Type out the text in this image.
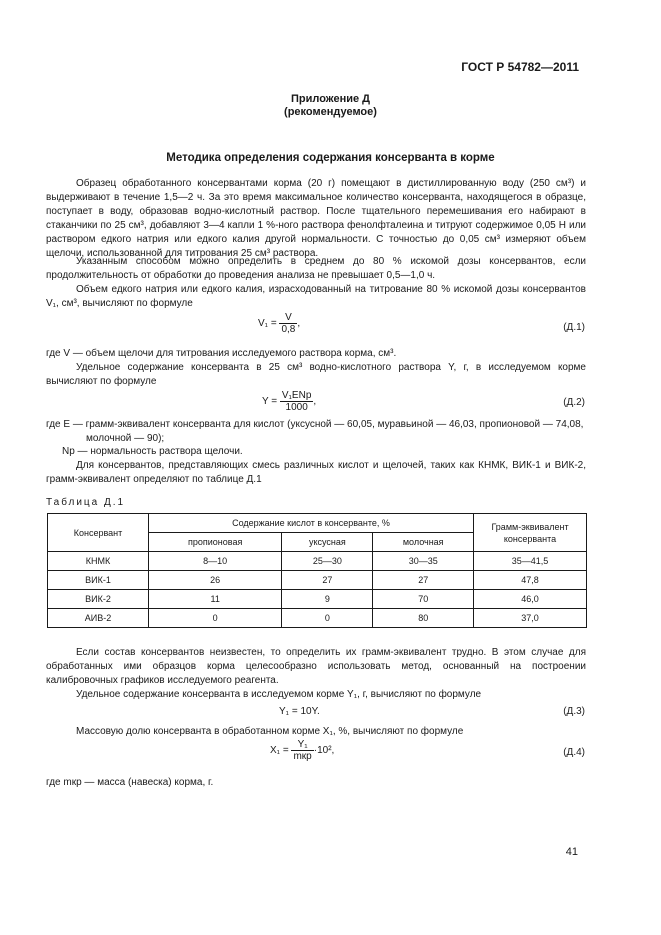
ГОСТ Р 54782—2011
Приложение Д
(рекомендуемое)
Методика определения содержания консерванта в корме
Образец обработанного консервантами корма (20 г) помещают в дистиллированную воду (250 см³) и выдерживают в течение 1,5—2 ч. За это время максимальное количество консерванта, находящегося в образце, поступает в воду, образовав водно-кислотный раствор. После тщательного перемешивания его набирают в стаканчики по 25 см³, добавляют 3—4 капли 1 %-ного раствора фенолфталеина и титруют содержимое 0,05 Н или раствором едкого натрия или едкого калия другой нормальности. С точностью до 0,05 см³ измеряют объем щелочи, использованной для титрования 25 см³ раствора.
Указанным способом можно определить в среднем до 80 % искомой дозы консервантов, если продолжительность от обработки до проведения анализа не превышает 0,5—1,0 ч.
Объем едкого натрия или едкого калия, израсходованный на титрование 80 % искомой дозы консервантов V₁, см³, вычисляют по формуле
$V_1 = \frac{V}{0,8}$ ,	(Д.1)
где V — объем щелочи для титрования исследуемого раствора корма, см³.
Удельное содержание консерванта в 25 см³ водно-кислотного раствора Y, г, в исследуемом корме вычисляют по формуле
$Y = \frac{\text{V₁ENр}}{1000}$ ,	(Д.2)
где E — грамм-эквивалент консерванта для кислот (уксусной — 60,05, муравьиной — 46,03, пропионовой — 74,08,
молочной — 90);
Nр — нормальность раствора щелочи.
Для консервантов, представляющих смесь различных кислот и щелочей, таких как КНМК, ВИК-1 и ВИК-2, грамм-эквивалент определяют по таблице Д.1
Таблица Д.1
Консервант	Содержание кислот в консерванте, %			Грамм-эквивалент консерванта
	пропионовая	уксусная	молочная	
КНМК	8—10	25—30	30—35	35—41,5
ВИК-1	26	27	27	47,8
ВИК-2	11	9	70	46,0
АИВ-2	0	0	80	37,0
Если состав консервантов неизвестен, то определить их грамм-эквивалент трудно. В этом случае для обработанных ими образцов корма целесообразно использовать метод, основанный на построении калибровочных графиков исследуемого реагента.
Удельное содержание консерванта в исследуемом корме Y₁, г, вычисляют по формуле
Y₁ = 10Y.	(Д.3)
Массовую долю консерванта в обработанном корме X₁, %, вычисляют по формуле
$X_1 = \frac{\text{Y₁}}{\text{mкр}} \cdot 10^2$,	(Д.4)
где mкр — масса (навеска) корма, г.
41
